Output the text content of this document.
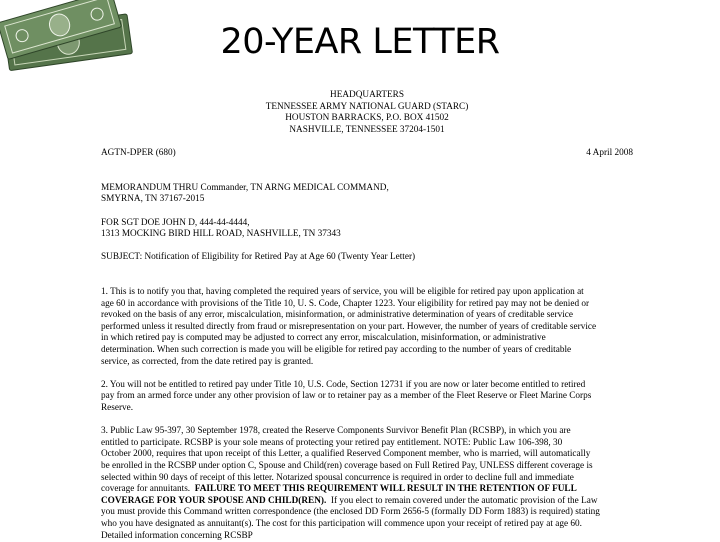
20-YEAR LETTER

HEADQUARTERS

TENNESSEE ARMY NATIONAL GUARD (STARC)

HOUSTON BARRACKS, P.O. BOX 41502

NASHVILLE, TENNESSEE 37204-1501

AGTN-DPER (680)	4 April 2008

MEMORANDUM THRU Commander, TN ARNG MEDICAL COMMAND,

SMYRNA, TN 37167-2015

FOR SGT DOE JOHN D, 444-44-4444,

1313 MOCKING BIRD HILL ROAD, NASHVILLE, TN 37343

SUBJECT: Notification of Eligibility for Retired Pay at Age 60 (Twenty Year Letter)

1. This is to notify you that, having completed the required years of service, you will be eligible for retired pay upon application at

age 60 in accordance with provisions of the Title 10, U. S. Code, Chapter 1223. Your eligibility for retired pay may not be denied or

revoked on the basis of any error, miscalculation, misinformation, or administrative determination of years of creditable service

performed unless it resulted directly from fraud or misrepresentation on your part. However, the number of years of creditable service

in which retired pay is computed may be adjusted to correct any error, miscalculation, misinformation, or administrative

determination. When such correction is made you will be eligible for retired pay according to the number of years of creditable

service, as corrected, from the date retired pay is granted.

2. You will not be entitled to retired pay under Title 10, U.S. Code, Section 12731 if you are now or later become entitled to retired

pay from an armed force under any other provision of law or to retainer pay as a member of the Fleet Reserve or Fleet Marine Corps

Reserve.

3. Public Law 95-397, 30 September 1978, created the Reserve Components Survivor Benefit Plan (RCSBP), in which you are

entitled to participate. RCSBP is your sole means of protecting your retired pay entitlement. NOTE: Public Law 106-398, 30

October 2000, requires that upon receipt of this Letter, a qualified Reserved Component member, who is married, will automatically

be enrolled in the RCSBP under option C, Spouse and Child(ren) coverage based on Full Retired Pay, UNLESS different coverage is

selected within 90 days of receipt of this letter. Notarized spousal concurrence is required in order to decline full and immediate

coverage for annuitants.  FAILURE TO MEET THIS REQUIREMENT WILL RESULT IN THE RETENTION OF FULL

COVERAGE FOR YOUR SPOUSE AND CHILD(REN).  If you elect to remain covered under the automatic provision of the Law

you must provide this Command written correspondence (the enclosed DD Form 2656-5 (formally DD Form 1883) is required) stating

who you have designated as annuitant(s). The cost for this participation will commence upon your receipt of retired pay at age 60.

Detailed information concerning RCSBP
